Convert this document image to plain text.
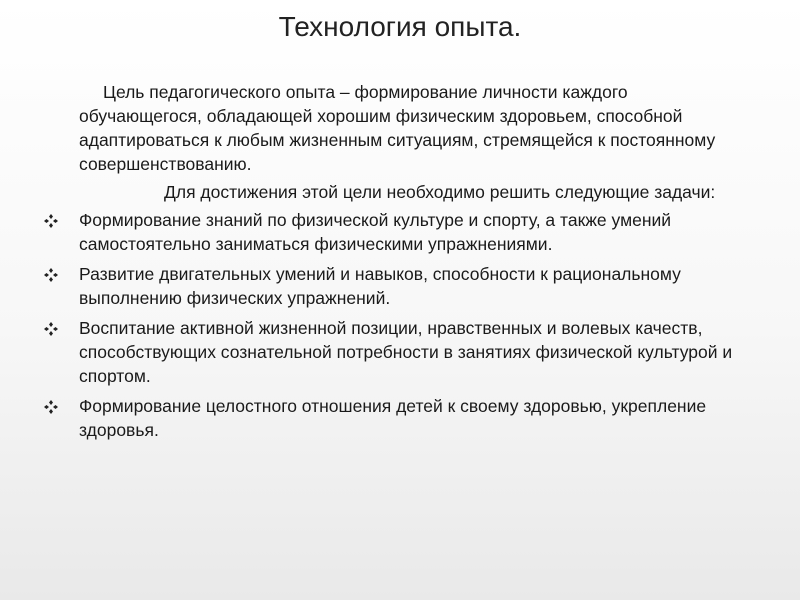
Технология опыта.
Цель педагогического опыта – формирование личности каждого обучающегося, обладающей хорошим физическим здоровьем, способной адаптироваться к любым жизненным ситуациям, стремящейся к постоянному совершенствованию.
Для достижения этой цели необходимо решить следующие задачи:
Формирование знаний по физической культуре и спорту, а также умений самостоятельно заниматься физическими упражнениями.
Развитие двигательных умений и навыков, способности к рациональному выполнению физических упражнений.
Воспитание активной жизненной позиции, нравственных и волевых качеств, способствующих сознательной потребности в занятиях физической культурой и спортом.
Формирование целостного отношения детей к своему здоровью, укрепление здоровья.
